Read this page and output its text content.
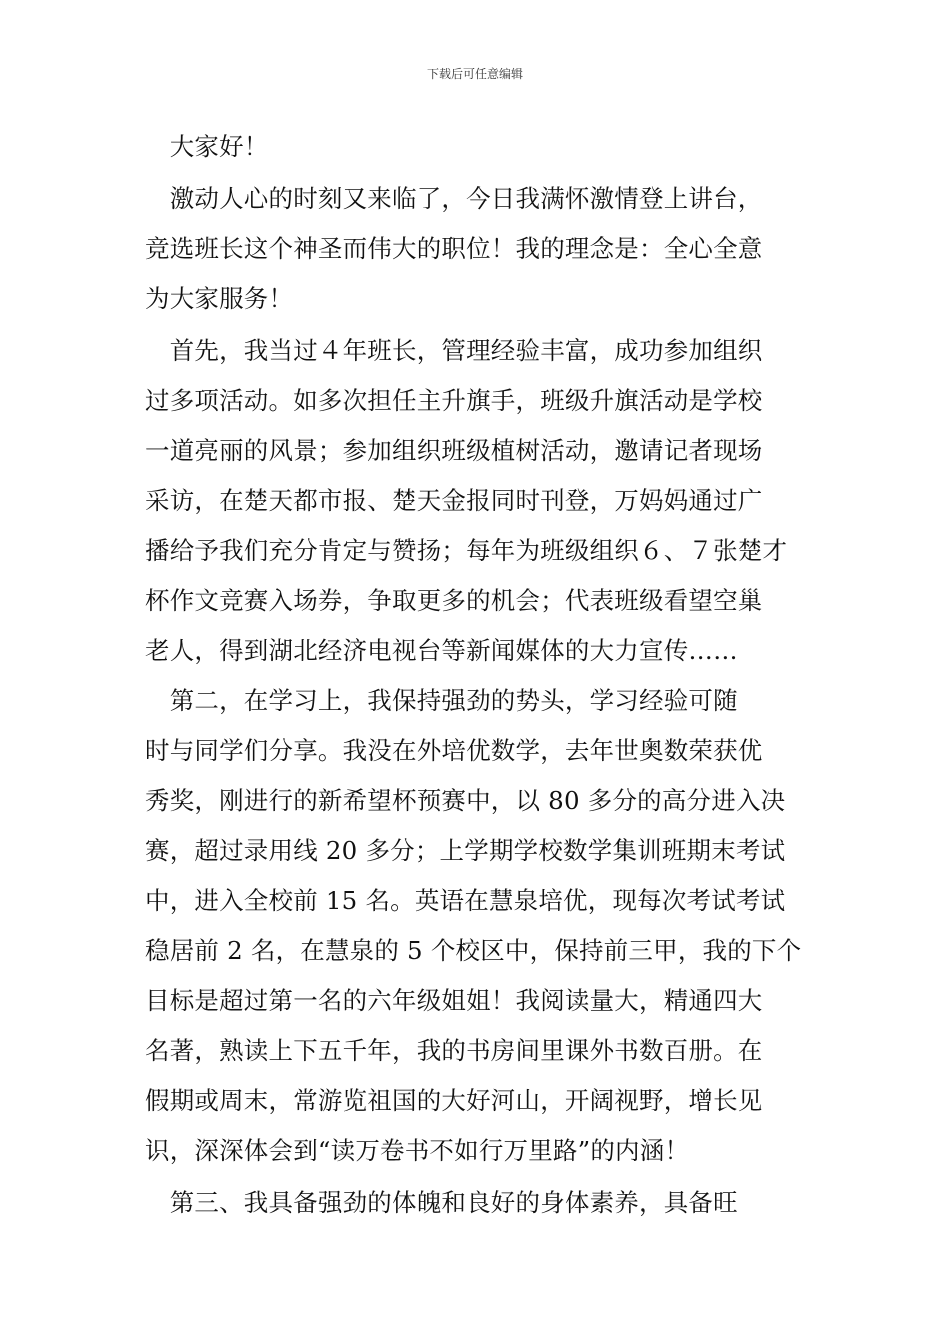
下载后可任意编辑
　大家好！
　激动人心的时刻又来临了，今日我满怀激情登上讲台，
竞选班长这个神圣而伟大的职位！我的理念是：全心全意
为大家服务！
　首先，我当过４年班长，管理经验丰富，成功参加组织
过多项活动。如多次担任主升旗手，班级升旗活动是学校
一道亮丽的风景；参加组织班级植树活动，邀请记者现场
采访，在楚天都市报、楚天金报同时刊登，万妈妈通过广
播给予我们充分肯定与赞扬；每年为班级组织６、７张楚才
杯作文竞赛入场券，争取更多的机会；代表班级看望空巢
老人，得到湖北经济电视台等新闻媒体的大力宣传……
　第二，在学习上，我保持强劲的势头，学习经验可随
时与同学们分享。我没在外培优数学，去年世奥数荣获优
秀奖，刚进行的新希望杯预赛中，以 80 多分的高分进入决
赛，超过录用线 20 多分；上学期学校数学集训班期末考试
中，进入全校前 15 名。英语在慧泉培优，现每次考试考试
稳居前 2 名，在慧泉的 5 个校区中，保持前三甲，我的下个
目标是超过第一名的六年级姐姐！我阅读量大，精通四大
名著，熟读上下五千年，我的书房间里课外书数百册。在
假期或周末，常游览祖国的大好河山，开阔视野，增长见
识，深深体会到“读万卷书不如行万里路”的内涵！
　第三、我具备强劲的体魄和良好的身体素养，具备旺
